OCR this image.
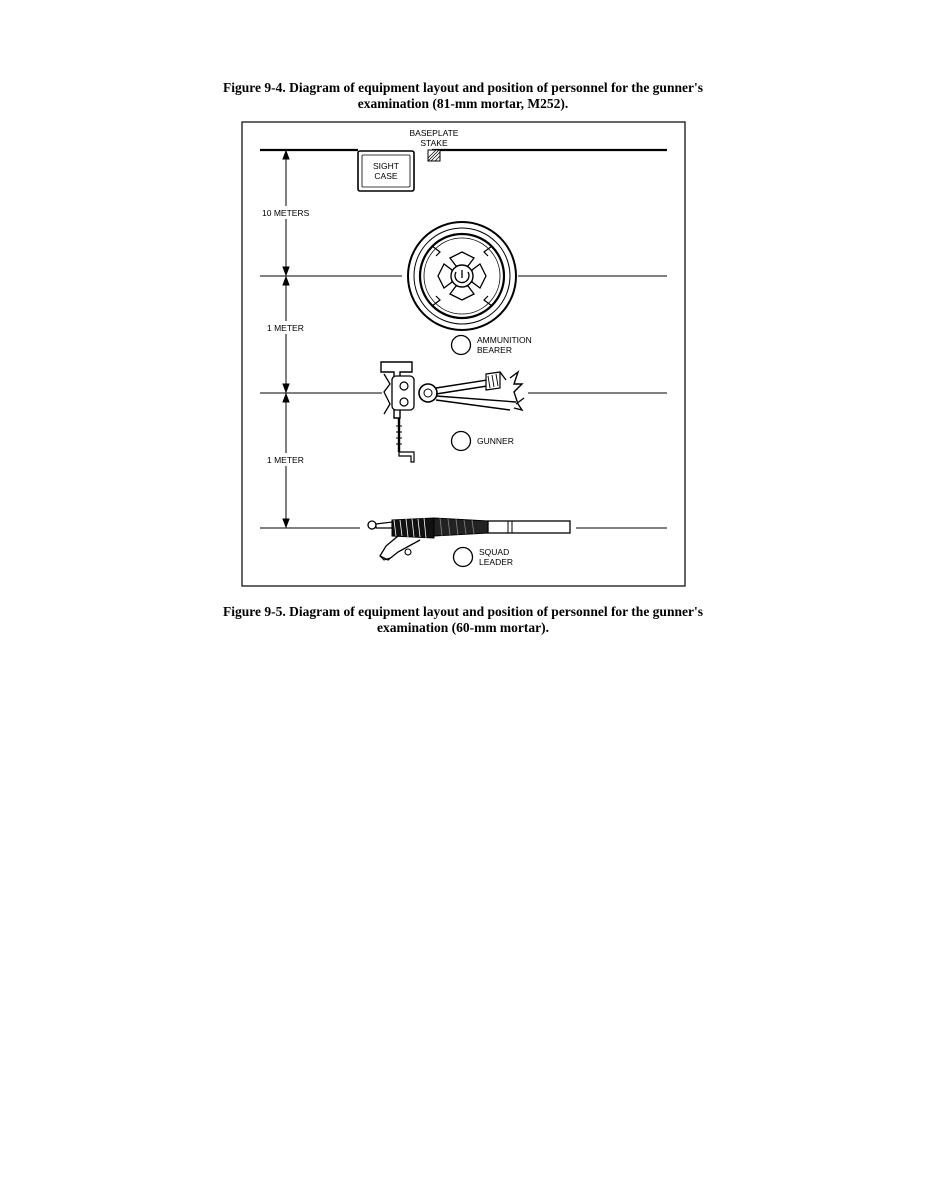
Figure 9-4. Diagram of equipment layout and position of personnel for the gunner's
examination (81-mm mortar, M252).
10 METERS
1 METER
1 METER
SIGHT
CASE
BASEPLATE
STAKE
AMMUNITION
BEARER
GUNNER
SQUAD
LEADER
Figure 9-5. Diagram of equipment layout and position of personnel for the gunner's
examination (60-mm mortar).
